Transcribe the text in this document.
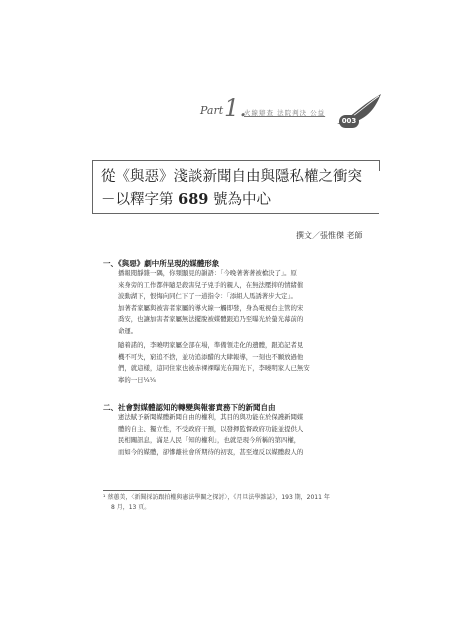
Part 1.
火線辯查 法院判決 公益
003
從《與惡》淺談新聞自由與隱私權之衝突
－以釋字第 689 號為中心
撰文／張惟傑 老師
一、《與惡》劇中所呈現的媒體形象
播報閱靜雜一隅，你頻顯見的韻語：「今晚著著著被槍決了」。原
來身旁的工作都伴隨是殺害兒子兇手的親人，在無法壓抑的情緒催
波動湖下，恨悔向同仁下了一道指令：「添組人馬誘著步大定」。
加著者家屬與被害者家屬的導火線一觸即發，身為電視台主管的宋
喬安，也讓加害者家屬無法擺脫被媒體跟追乃至曝光於螢光幕前的
命運。
隨着諾的，李曉明家屬全部在場，準備領走化的遺體，跟追記者見
機不可失，窮追不捨，並功追添醋的大肆報導，一刻也不願放過他
們，就這樣，這同住家也被赤裸裸曝光在陽光下，李曉明家人已無安
寧的一日¼¼
二、社會對媒體認知的轉變與報審責務下的新聞自由
憲法賦予新聞媒體新聞自由的權利，其目的與功能在於保護新聞媒
體的自主、獨立性，不受政府干預，以發揮監督政府功能並提供人
民相關訊息，滿足人民「知的權利」，也就是現今所稱的第四權，
而如今的媒體，卻慘離社會所期待的初衷，甚至違反以媒體殺人的
¹ 蔡蕙美，〈新聞採訪跟拍權與憲法學關之探討〉，《月旦法學雜誌》，193 期，2011 年
8 月，13 頁。
